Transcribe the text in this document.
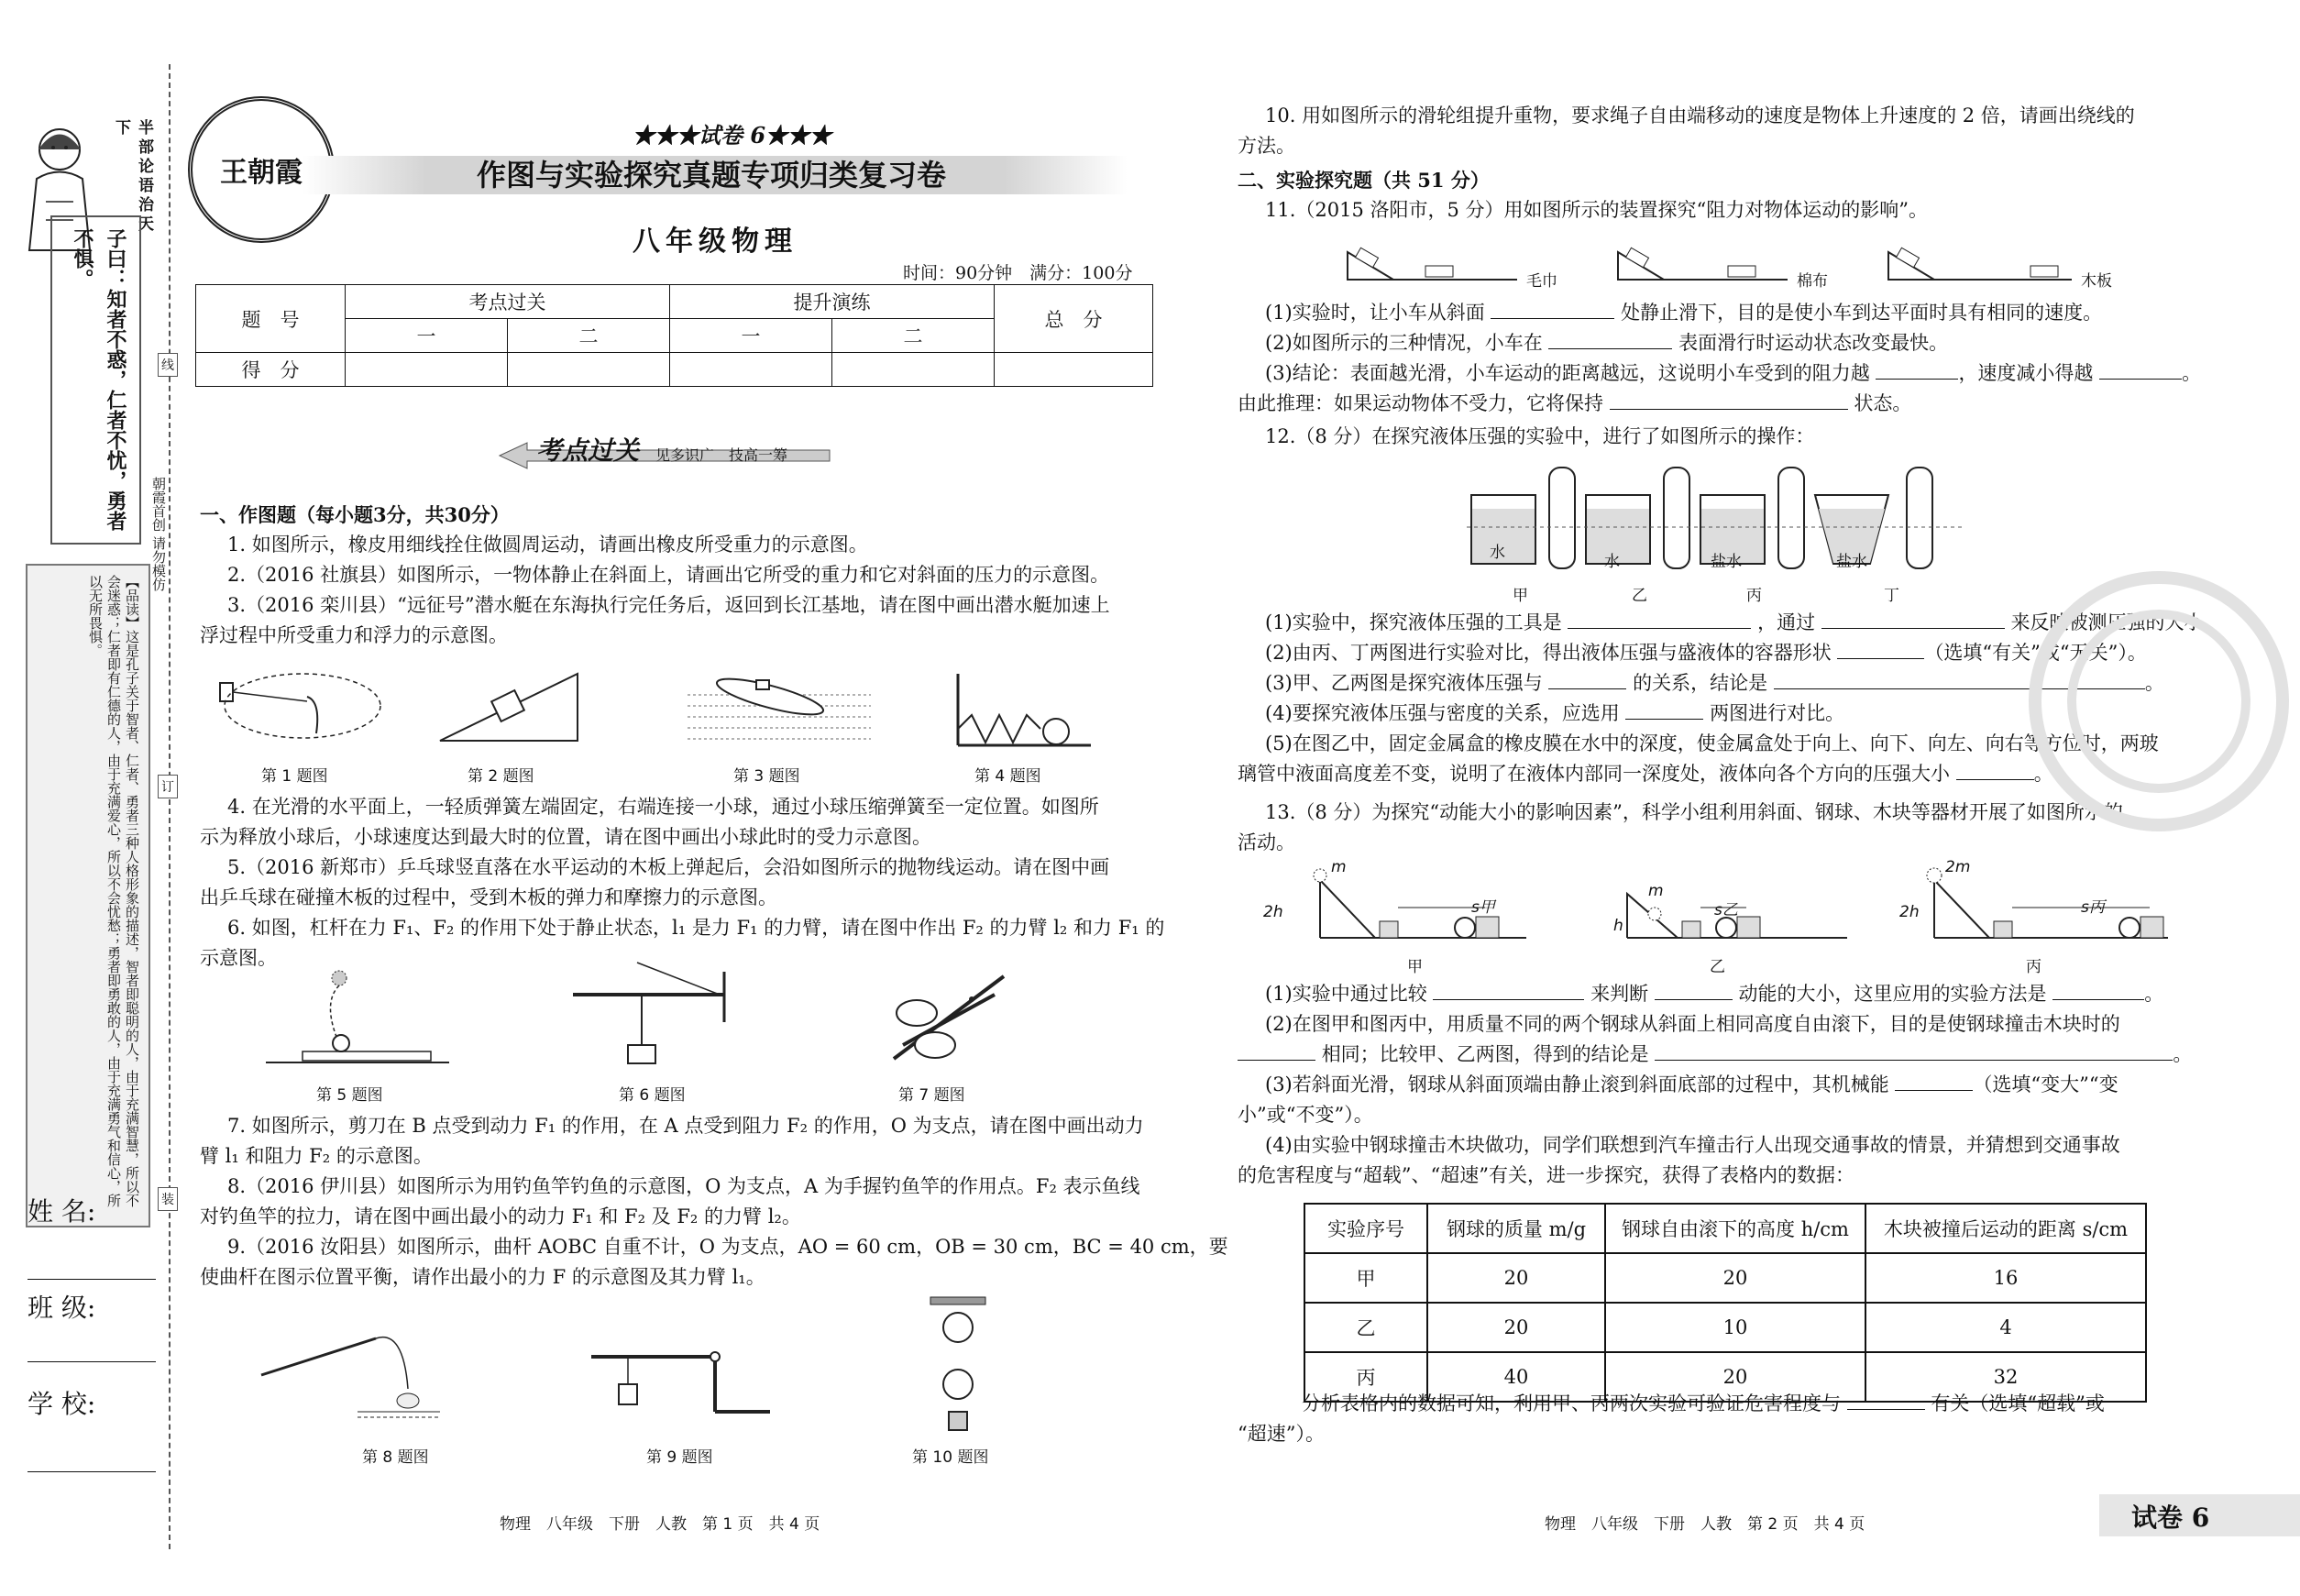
半部论语治天下
子曰：知者不惑，仁者不忧，勇者不惧。
【品读】这是孔子关于智者、仁者、勇者三种人格形象的描述，智者即聪明的人，由于充满智慧，所以不会迷惑；仁者即有仁德的人，由于充满爱心，所以不会忧愁；勇者即勇敢的人，由于充满勇气和信心，所以无所畏惧。
朝霞首创 请勿模仿
姓 名:
班 级:
学 校:
线
订
装
王朝霞
★★★试卷 6★★★
作图与实验探究真题专项归类复习卷
八年级物理
时间：90分钟　满分：100分
题　号	考点过关		提升演练		总　分
	一	二	一	二	
得　分					
考点过关 见多识广　技高一筹
一、作图题（每小题3分，共30分）
1. 如图所示，橡皮用细线拴住做圆周运动，请画出橡皮所受重力的示意图。
2.（2016 社旗县）如图所示，一物体静止在斜面上，请画出它所受的重力和它对斜面的压力的示意图。
3.（2016 栾川县）“远征号”潜水艇在东海执行完任务后，返回到长江基地，请在图中画出潜水艇加速上
浮过程中所受重力和浮力的示意图。
第 1 题图	第 2 题图	第 3 题图	第 4 题图
4. 在光滑的水平面上，一轻质弹簧左端固定，右端连接一小球，通过小球压缩弹簧至一定位置。如图所
示为释放小球后，小球速度达到最大时的位置，请在图中画出小球此时的受力示意图。
5.（2016 新郑市）乒乓球竖直落在水平运动的木板上弹起后，会沿如图所示的抛物线运动。请在图中画
出乒乓球在碰撞木板的过程中，受到木板的弹力和摩擦力的示意图。
6. 如图，杠杆在力 F₁、F₂ 的作用下处于静止状态，l₁ 是力 F₁ 的力臂，请在图中作出 F₂ 的力臂 l₂ 和力 F₁ 的
示意图。
第 5 题图	第 6 题图	第 7 题图
7. 如图所示，剪刀在 B 点受到动力 F₁ 的作用，在 A 点受到阻力 F₂ 的作用，O 为支点，请在图中画出动力
臂 l₁ 和阻力 F₂ 的示意图。
8.（2016 伊川县）如图所示为用钓鱼竿钓鱼的示意图，O 为支点，A 为手握钓鱼竿的作用点。F₂ 表示鱼线
对钓鱼竿的拉力，请在图中画出最小的动力 F₁ 和 F₂ 及 F₂ 的力臂 l₂。
9.（2016 汝阳县）如图所示，曲杆 AOBC 自重不计，O 为支点，AO = 60 cm，OB = 30 cm，BC = 40 cm，要
使曲杆在图示位置平衡，请作出最小的力 F 的示意图及其力臂 l₁。
第 8 题图	第 9 题图	第 10 题图
物理　八年级　下册　人教　第 1 页　共 4 页
10. 用如图所示的滑轮组提升重物，要求绳子自由端移动的速度是物体上升速度的 2 倍，请画出绕线的
方法。
二、实验探究题（共 51 分）
11.（2015 洛阳市，5 分）用如图所示的装置探究“阻力对物体运动的影响”。
毛巾	棉布	木板
(1)实验时，让小车从斜面	处静止滑下，目的是使小车到达平面时具有相同的速度。
(2)如图所示的三种情况，小车在	表面滑行时运动状态改变最快。
(3)结论：表面越光滑，小车运动的距离越远，这说明小车受到的阻力越	，速度减小得越	。
由此推理：如果运动物体不受力，它将保持	状态。
12.（8 分）在探究液体压强的实验中，进行了如图所示的操作：
水	水	盐水	盐水
甲	乙	丙	丁
(1)实验中，探究液体压强的工具是	，通过	来反映被测压强的大小。
(2)由丙、丁两图进行实验对比，得出液体压强与盛液体的容器形状	（选填“有关”或“无关”）。
(3)甲、乙两图是探究液体压强与	的关系，结论是	。
(4)要探究液体压强与密度的关系，应选用	两图进行对比。
(5)在图乙中，固定金属盒的橡皮膜在水中的深度，使金属盒处于向上、向下、向左、向右等方位时，两玻
璃管中液面高度差不变，说明了在液体内部同一深度处，液体向各个方向的压强大小	。
13.（8 分）为探究“动能大小的影响因素”，科学小组利用斜面、钢球、木块等器材开展了如图所示的
活动。
m
2h	s甲
m
h
s乙
2m
2h	s丙
甲	乙	丙
(1)实验中通过比较	来判断	动能的大小，这里应用的实验方法是	。
(2)在图甲和图丙中，用质量不同的两个钢球从斜面上相同高度自由滚下，目的是使钢球撞击木块时的
相同；比较甲、乙两图，得到的结论是	。
(3)若斜面光滑，钢球从斜面顶端由静止滚到斜面底部的过程中，其机械能	（选填“变大”“变
小”或“不变”）。
(4)由实验中钢球撞击木块做功，同学们联想到汽车撞击行人出现交通事故的情景，并猜想到交通事故
的危害程度与“超载”、“超速”有关，进一步探究，获得了表格内的数据：
实验序号	钢球的质量 m/g	钢球自由滚下的高度 h/cm	木块被撞后运动的距离 s/cm
甲	20	20	16
乙	20	10	4
丙	40	20	32
分析表格内的数据可知，利用甲、丙两次实验可验证危害程度与	有关（选填“超载”或
“超速”）。
物理　八年级　下册　人教　第 2 页　共 4 页	试卷 6
